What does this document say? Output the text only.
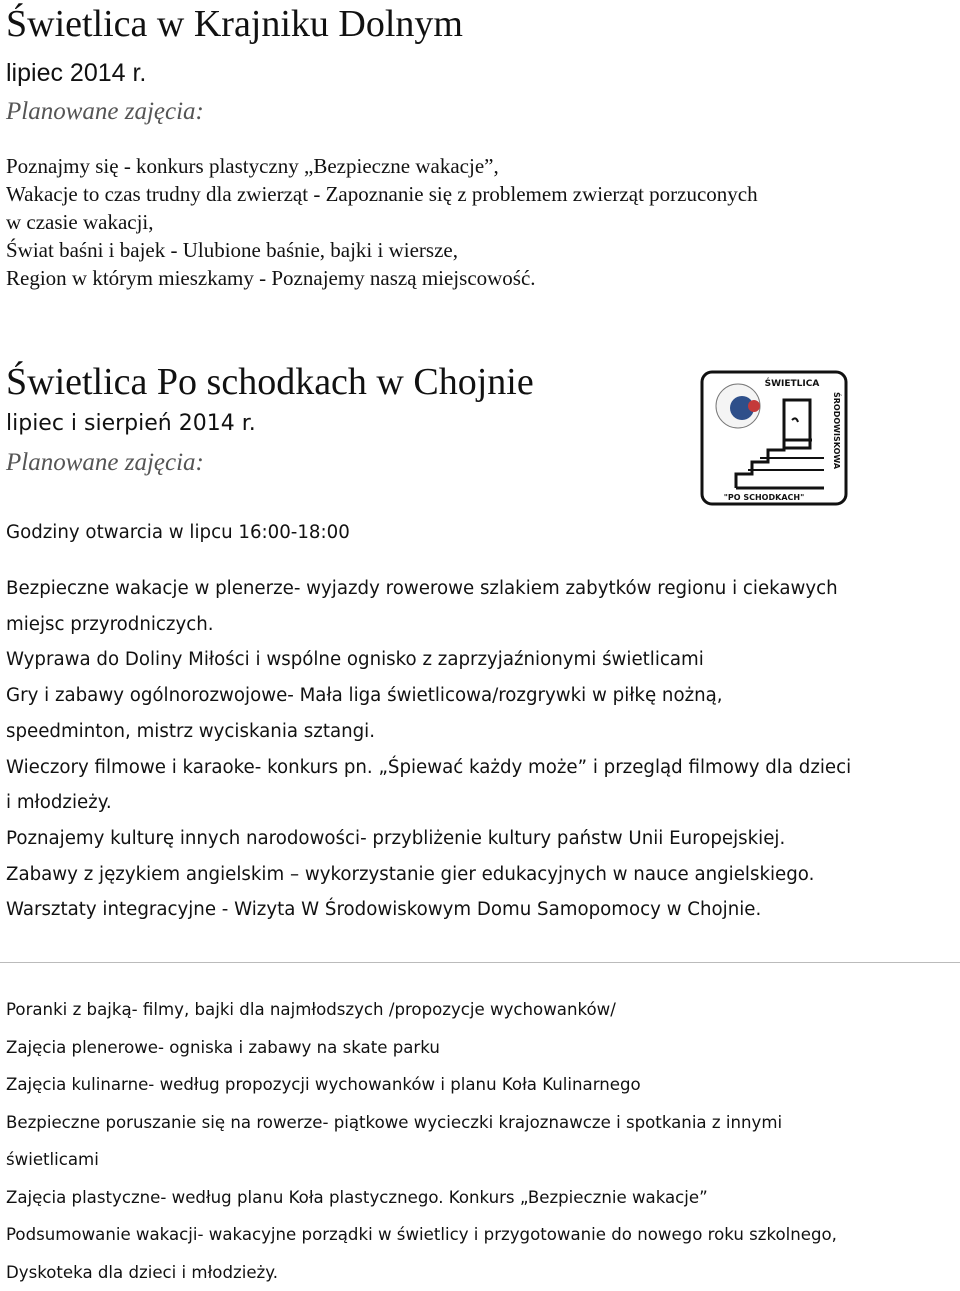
Świetlica w Krajniku Dolnym
lipiec 2014 r.
Planowane zajęcia:

Poznajmy się - konkurs plastyczny „Bezpieczne wakacje”,

Wakacje to czas trudny dla zwierząt - Zapoznanie się z problemem zwierząt porzuconych

w czasie wakacji,

Świat baśni i bajek - Ulubione baśnie, bajki i wiersze,

Region w którym mieszkamy - Poznajemy naszą miejscowość.

Świetlica Po schodkach w Chojnie
lipiec i sierpień 2014 r.
Planowane zajęcia:
Godziny otwarcia w lipcu 16:00-18:00
ŚWIETLICA
ŚRODOWISKOWA
"PO SCHODKACH"

Bezpieczne wakacje w plenerze- wyjazdy rowerowe szlakiem zabytków regionu i ciekawych

miejsc przyrodniczych.

Wyprawa do Doliny Miłości i wspólne ognisko z zaprzyjaźnionymi świetlicami

Gry i zabawy ogólnorozwojowe- Mała liga świetlicowa/rozgrywki w piłkę nożną,

speedminton, mistrz wyciskania sztangi.

Wieczory filmowe i karaoke- konkurs pn. „Śpiewać każdy może” i przegląd filmowy dla dzieci

i młodzieży.

Poznajemy kulturę innych narodowości- przybliżenie kultury państw Unii Europejskiej.

Zabawy z językiem angielskim – wykorzystanie gier edukacyjnych w nauce angielskiego.

Warsztaty integracyjne - Wizyta W Środowiskowym Domu Samopomocy w Chojnie.

Poranki z bajką- filmy, bajki dla najmłodszych /propozycje wychowanków/

Zajęcia plenerowe- ogniska i zabawy na skate parku

Zajęcia kulinarne- według propozycji wychowanków i planu Koła Kulinarnego

Bezpieczne poruszanie się na rowerze- piątkowe wycieczki krajoznawcze i spotkania z innymi

świetlicami

Zajęcia plastyczne- według planu Koła plastycznego. Konkurs „Bezpiecznie wakacje”

Podsumowanie wakacji- wakacyjne porządki w świetlicy i przygotowanie do nowego roku szkolnego,

Dyskoteka dla dzieci i młodzieży.
